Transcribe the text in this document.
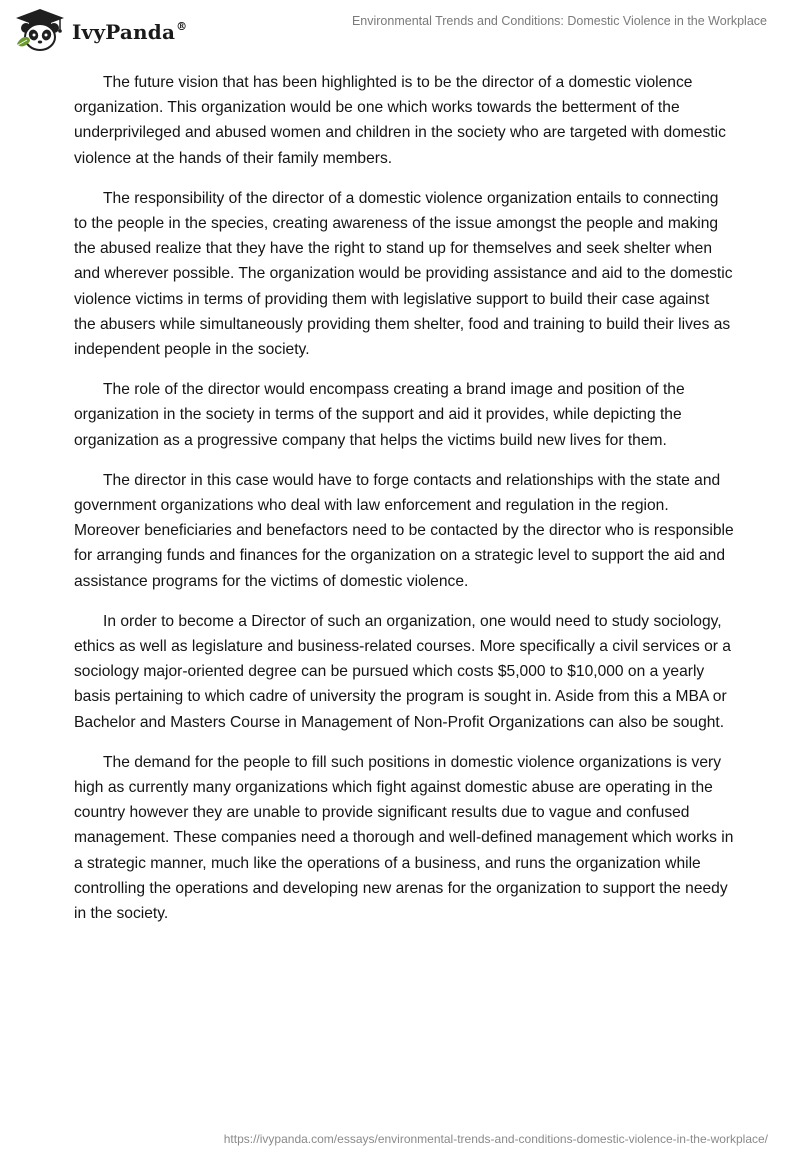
IvyPanda®	Environmental Trends and Conditions: Domestic Violence in the Workplace

The future vision that has been highlighted is to be the director of a domestic violence organization. This organization would be one which works towards the betterment of the underprivileged and abused women and children in the society who are targeted with domestic violence at the hands of their family members.

The responsibility of the director of a domestic violence organization entails to connecting to the people in the species, creating awareness of the issue amongst the people and making the abused realize that they have the right to stand up for themselves and seek shelter when and wherever possible. The organization would be providing assistance and aid to the domestic violence victims in terms of providing them with legislative support to build their case against the abusers while simultaneously providing them shelter, food and training to build their lives as independent people in the society.

The role of the director would encompass creating a brand image and position of the organization in the society in terms of the support and aid it provides, while depicting the organization as a progressive company that helps the victims build new lives for them.

The director in this case would have to forge contacts and relationships with the state and government organizations who deal with law enforcement and regulation in the region. Moreover beneficiaries and benefactors need to be contacted by the director who is responsible for arranging funds and finances for the organization on a strategic level to support the aid and assistance programs for the victims of domestic violence.

In order to become a Director of such an organization, one would need to study sociology, ethics as well as legislature and business-related courses. More specifically a civil services or a sociology major-oriented degree can be pursued which costs $5,000 to $10,000 on a yearly basis pertaining to which cadre of university the program is sought in. Aside from this a MBA or Bachelor and Masters Course in Management of Non-Profit Organizations can also be sought.

The demand for the people to fill such positions in domestic violence organizations is very high as currently many organizations which fight against domestic abuse are operating in the country however they are unable to provide significant results due to vague and confused management. These companies need a thorough and well-defined management which works in a strategic manner, much like the operations of a business, and runs the organization while controlling the operations and developing new arenas for the organization to support the needy in the society.

https://ivypanda.com/essays/environmental-trends-and-conditions-domestic-violence-in-the-workplace/
